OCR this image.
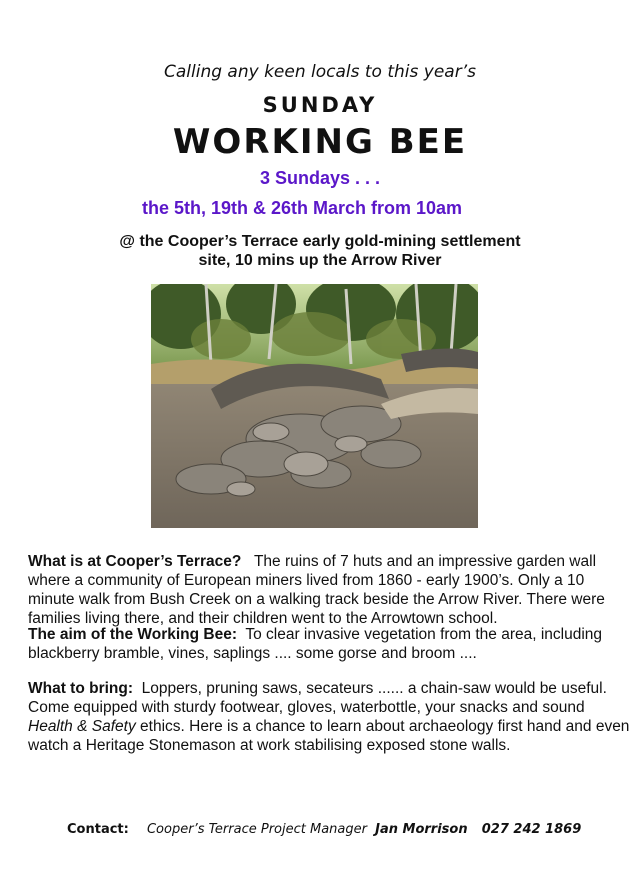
Calling any keen locals to this year’s
SUNDAY
WORKING BEE
3 Sundays . . .
the 5th, 19th & 26th March from 10am
@ the Cooper’s Terrace early gold-mining settlement
site, 10 mins up the Arrow River

What is at Cooper’s Terrace? The ruins of 7 huts and an impressive garden wall where a community of European miners lived from 1860 - early 1900’s. Only a 10 minute walk from Bush Creek on a walking track beside the Arrow River. There were families living there, and their children went to the Arrowtown school.

The aim of the Working Bee: To clear invasive vegetation from the area, including blackberry bramble, vines, saplings .... some gorse and broom ....

What to bring: Loppers, pruning saws, secateurs ...... a chain-saw would be useful. Come equipped with sturdy footwear, gloves, waterbottle, your snacks and sound Health & Safety ethics. Here is a chance to learn about archaeology first hand and even watch a Heritage Stonemason at work stabilising exposed stone walls.

Contact: Cooper’s Terrace Project Manager Jan Morrison 027 242 1869
